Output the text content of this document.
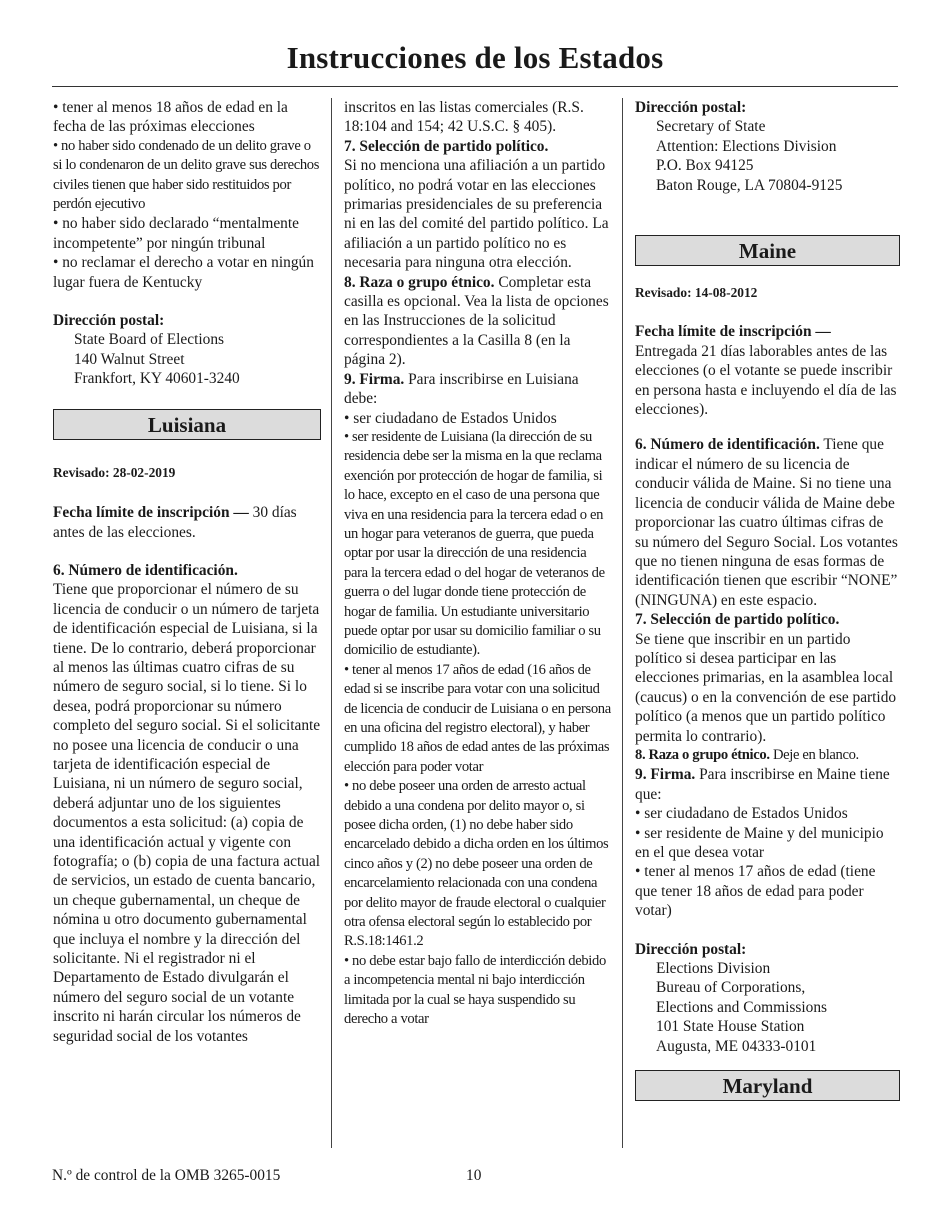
Instrucciones de los Estados

• tener al menos 18 años de edad en la fecha de las próximas elecciones

• no haber sido condenado de un delito grave o si lo condenaron de un delito grave sus derechos civiles tienen que haber sido restituidos por perdón ejecutivo

• no haber sido declarado “mentalmente incompetente” por ningún tribunal

• no reclamar el derecho a votar en ningún lugar fuera de Kentucky

Dirección postal:

State Board of Elections

140 Walnut Street

Frankfort, KY 40601-3240

Luisiana

Revisado: 28-02-2019

Fecha límite de inscripción — 30 días antes de las elecciones.

6. Número de identificación.

Tiene que proporcionar el número de su licencia de conducir o un número de tarjeta de identificación especial de Luisiana, si la tiene. De lo contrario, deberá proporcionar al menos las últimas cuatro cifras de su número de seguro social, si lo tiene. Si lo desea, podrá proporcionar su número completo del seguro social. Si el solicitante no posee una licencia de conducir o una tarjeta de identificación especial de Luisiana, ni un número de seguro social, deberá adjuntar uno de los siguientes documentos a esta solicitud: (a) copia de una identificación actual y vigente con fotografía; o (b) copia de una factura actual de servicios, un estado de cuenta bancario, un cheque gubernamental, un cheque de nómina u otro documento gubernamental que incluya el nombre y la dirección del solicitante. Ni el registrador ni el Departamento de Estado divulgarán el número del seguro social de un votante inscrito ni harán circular los números de seguridad social de los votantes

inscritos en las listas comerciales (R.S. 18:104 and 154; 42 U.S.C. § 405).

7. Selección de partido político.

Si no menciona una afiliación a un partido político, no podrá votar en las elecciones primarias presidenciales de su preferencia ni en las del comité del partido político. La afiliación a un partido político no es necesaria para ninguna otra elección.

8. Raza o grupo étnico. Completar esta casilla es opcional. Vea la lista de opciones en las Instrucciones de la solicitud correspondientes a la Casilla 8 (en la página 2).

9. Firma. Para inscribirse en Luisiana debe:

• ser ciudadano de Estados Unidos

• ser residente de Luisiana (la dirección de su residencia debe ser la misma en la que reclama exención por protección de hogar de familia, si lo hace, excepto en el caso de una persona que viva en una residencia para la tercera edad o en un hogar para veteranos de guerra, que pueda optar por usar la dirección de una residencia para la tercera edad o del hogar de veteranos de guerra o del lugar donde tiene protección de hogar de familia. Un estudiante universitario puede optar por usar su domicilio familiar o su domicilio de estudiante).

• tener al menos 17 años de edad (16 años de edad si se inscribe para votar con una solicitud de licencia de conducir de Luisiana o en persona en una oficina del registro electoral), y haber cumplido 18 años de edad antes de las próximas elección para poder votar

• no debe poseer una orden de arresto actual debido a una condena por delito mayor o, si posee dicha orden, (1) no debe haber sido encarcelado debido a dicha orden en los últimos cinco años y (2) no debe poseer una orden de encarcelamiento relacionada con una condena por delito mayor de fraude electoral o cualquier otra ofensa electoral según lo establecido por R.S.18:1461.2

• no debe estar bajo fallo de interdicción debido a incompetencia mental ni bajo interdicción limitada por la cual se haya suspendido su derecho a votar

Dirección postal:

Secretary of State

Attention: Elections Division

P.O. Box 94125

Baton Rouge, LA 70804-9125

Maine

Revisado: 14-08-2012

Fecha límite de inscripción —

Entregada 21 días laborables antes de las elecciones (o el votante se puede inscribir en persona hasta e incluyendo el día de las elecciones).

6. Número de identificación. Tiene que indicar el número de su licencia de conducir válida de Maine. Si no tiene una licencia de conducir válida de Maine debe proporcionar las cuatro últimas cifras de su número del Seguro Social. Los votantes que no tienen ninguna de esas formas de identificación tienen que escribir “NONE” (NINGUNA) en este espacio.

7. Selección de partido político.

Se tiene que inscribir en un partido político si desea participar en las elecciones primarias, en la asamblea local (caucus) o en la convención de ese partido político (a menos que un partido político permita lo contrario).

8. Raza o grupo étnico. Deje en blanco.

9. Firma. Para inscribirse en Maine tiene que:

• ser ciudadano de Estados Unidos

• ser residente de Maine y del municipio en el que desea votar

• tener al menos 17 años de edad (tiene que tener 18 años de edad para poder votar)

Dirección postal:

Elections Division

Bureau of Corporations,

Elections and Commissions

101 State House Station

Augusta, ME 04333-0101

Maryland
N.º de control de la OMB 3265-0015	10
